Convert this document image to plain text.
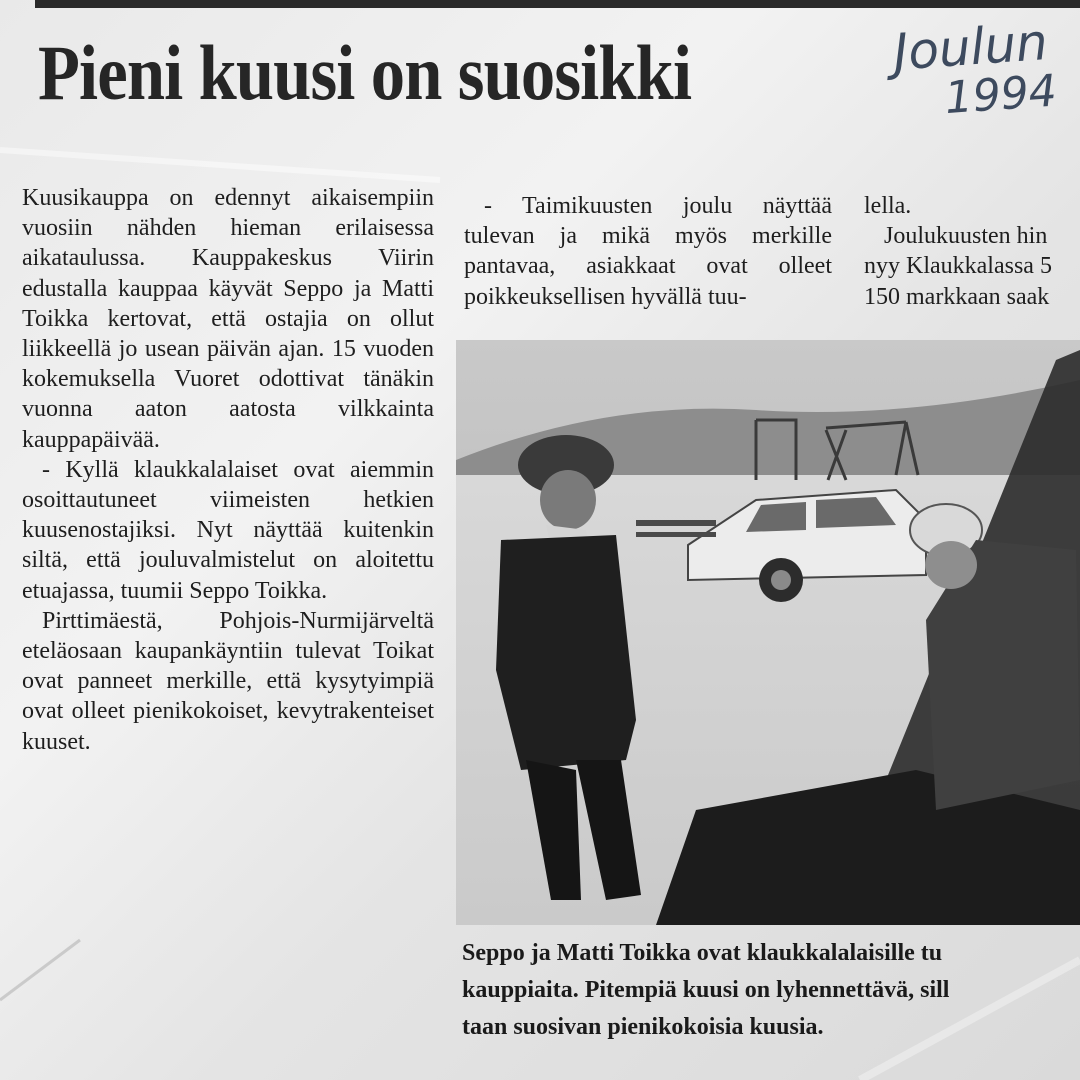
Pieni kuusi on suosikki	Joulun
1994

Kuusikauppa on edennyt aikaisempiin vuosiin nähden hieman erilaisessa aikataulussa. Kauppakeskus Viirin edustalla kauppaa käyvät Seppo ja Matti Toikka kertovat, että ostajia on ollut liikkeellä jo usean päivän ajan. 15 vuoden kokemuksella Vuoret odottivat tänäkin vuonna aaton aatosta vilkkainta kauppapäivää.

- Kyllä klaukkalalaiset ovat aiemmin osoittautuneet viimeisten hetkien kuusenostajiksi. Nyt näyttää kuitenkin siltä, että jouluvalmistelut on aloitettu etuajassa, tuumii Seppo Toikka.

Pirttimäestä, Pohjois-Nurmijärveltä eteläosaan kaupankäyntiin tulevat Toikat ovat panneet merkille, että kysytyimpiä ovat olleet pienikokoiset, kevytrakenteiset kuuset.

- Taimikuusten joulu näyttää tulevan ja mikä myös merkille pantavaa, asiakkaat ovat olleet poikkeuksellisen hyvällä tuu-

lella.

Joulukuusten hin

nyy Klaukkalassa 5

150 markkaan saak

Seppo ja Matti Toikka ovat klaukkalalaisille tu

kauppiaita. Pitempiä kuusi on lyhennettävä, sill

taan suosivan pienikokoisia kuusia.
